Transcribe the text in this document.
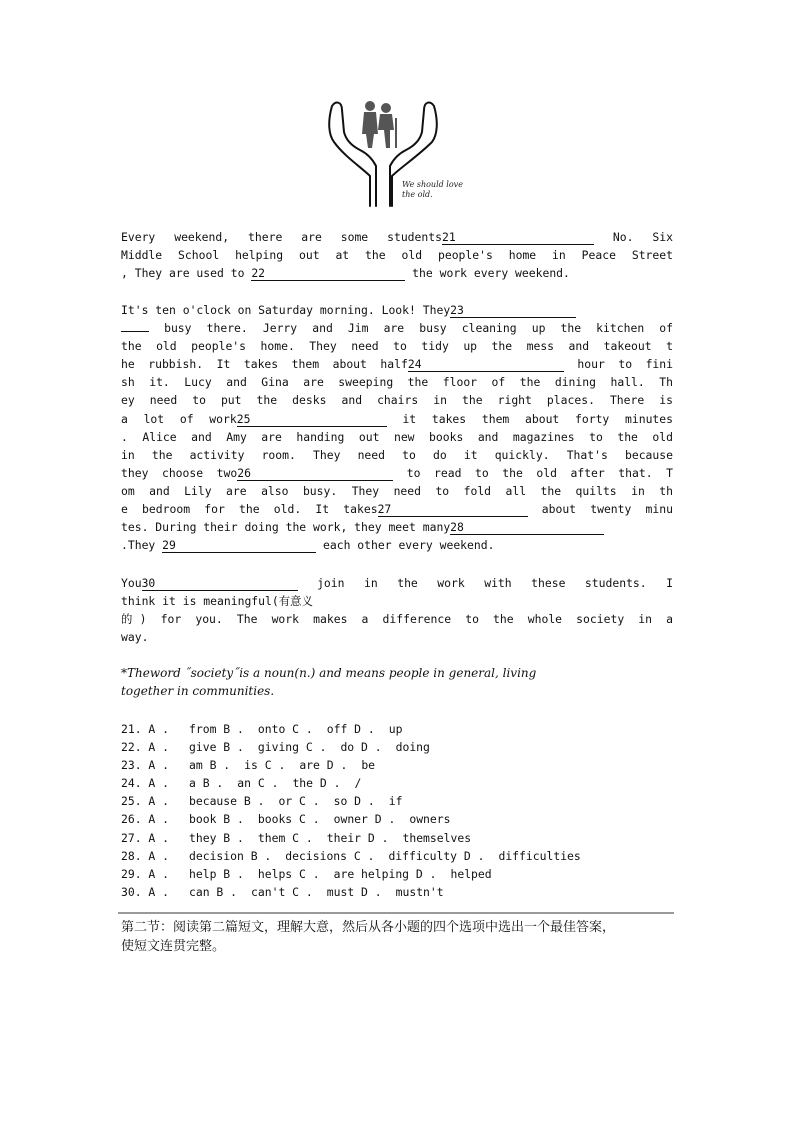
We should love
the old.
Every weekend, there are some students21	No. Six
Middle School helping out at the old people's home in Peace Street
, They are used to 22	the work every weekend.
It's ten o'clock on Saturday morning. Look! They23
busy there. Jerry and Jim are busy cleaning up the kitchen of
the old people's home. They need to tidy up the mess and takeout t
he rubbish. It takes them about half24	hour to fini
sh it. Lucy and Gina are sweeping the floor of the dining hall. Th
ey need to put the desks and chairs in the right places. There is
a lot of work25	it takes them about forty minutes
. Alice and Amy are handing out new books and magazines to the old
in the activity room. They need to do it quickly. That's because
they choose two26	to read to the old after that. T
om and Lily are also busy. They need to fold all the quilts in th
e bedroom for the old. It takes27	about twenty minu
tes. During their doing the work, they meet many28
.They 29	each other every weekend.
You30	join in the work with these students. I
think it is meaningful(有意义
的) for you. The work makes a difference to the whole society in a
way.
*Theword ˝society˝is a noun(n.) and means people in general, living
together in communities.
21. A .	from B .	onto C .	off D .	up
22. A .	give B .	giving C .	do D .	doing
23. A .	am B .	is C .	are D .	be
24. A .	a B .	an C .	the D .	/
25. A .	because B .	or C .	so D .	if
26. A .	book B .	books C .	owner D .	owners
27. A .	they B .	them C .	their D .	themselves
28. A .	decision B .	decisions C .	difficulty D .	difficulties
29. A .	help B .	helps C .	are helping D .	helped
30. A .	can B .	can't C .	must D .	mustn't
第二节：阅读第二篇短文，理解大意，然后从各小题的四个选项中选出一个最佳答案，
使短文连贯完整。
